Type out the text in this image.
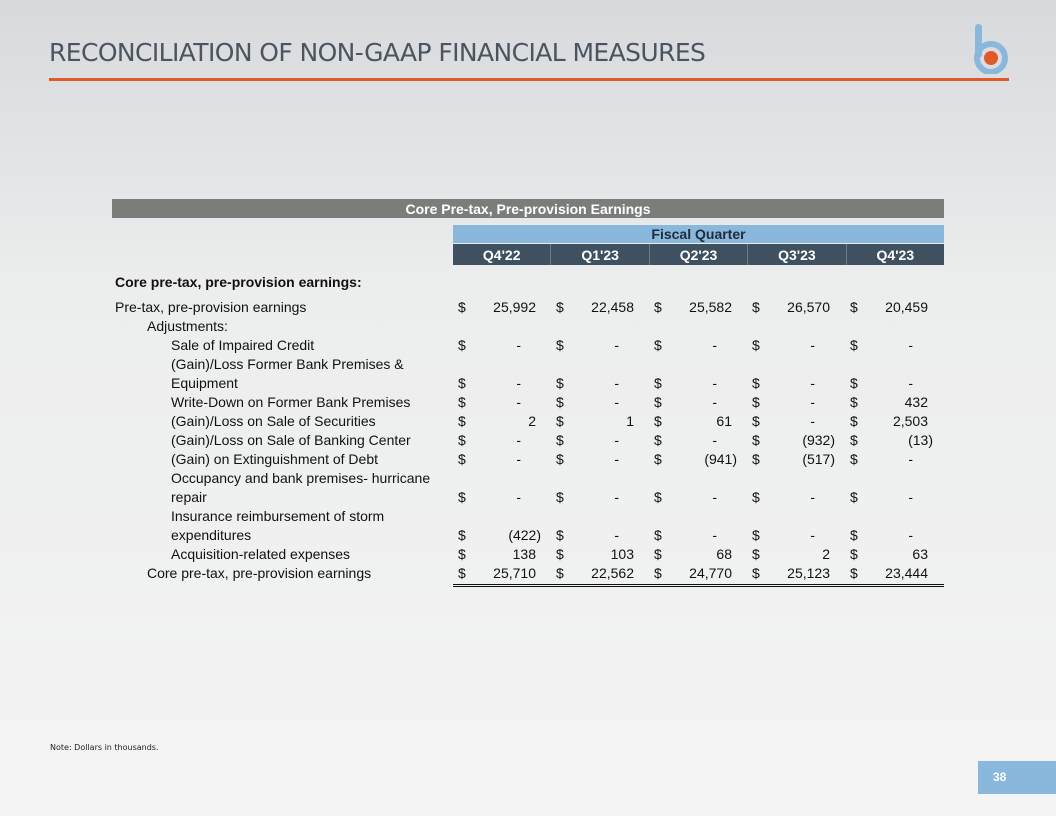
RECONCILIATION OF NON-GAAP FINANCIAL MEASURES
Core Pre-tax, Pre-provision Earnings
Fiscal Quarter
Q4'22	Q1'23	Q2'23	Q3'23	Q4'23
Core pre-tax, pre-provision earnings:
Pre-tax, pre-provision earnings	$ 25,992 $ 22,458 $ 25,582 $ 26,570 $ 20,459
Adjustments:
Sale of Impaired Credit	$	-	$	-	$	-	$	-	$	-
(Gain)/Loss Former Bank Premises & Equipment	$	-	$	-	$	-	$	-	$	-
Write-Down on Former Bank Premises	$	-	$	-	$	-	$	-	$	432
(Gain)/Loss on Sale of Securities	$	2 $	1 $	61 $	-	$	2,503
(Gain)/Loss on Sale of Banking Center	$	-	$	-	$	-	$	(932) $	(13)
(Gain) on Extinguishment of Debt	$	-	$	-	$	(941) $	(517) $	-
Occupancy and bank premises- hurricane repair	$	-	$	-	$	-	$	-	$	-
Insurance reimbursement of storm expenditures	$	(422) $	-	$	-	$	-	$	-
Acquisition-related expenses	$	138 $	103 $	68 $	2 $	63
Core pre-tax, pre-provision earnings	$ 25,710 $ 22,562 $ 24,770 $ 25,123 $ 23,444
Note: Dollars in thousands.
38
